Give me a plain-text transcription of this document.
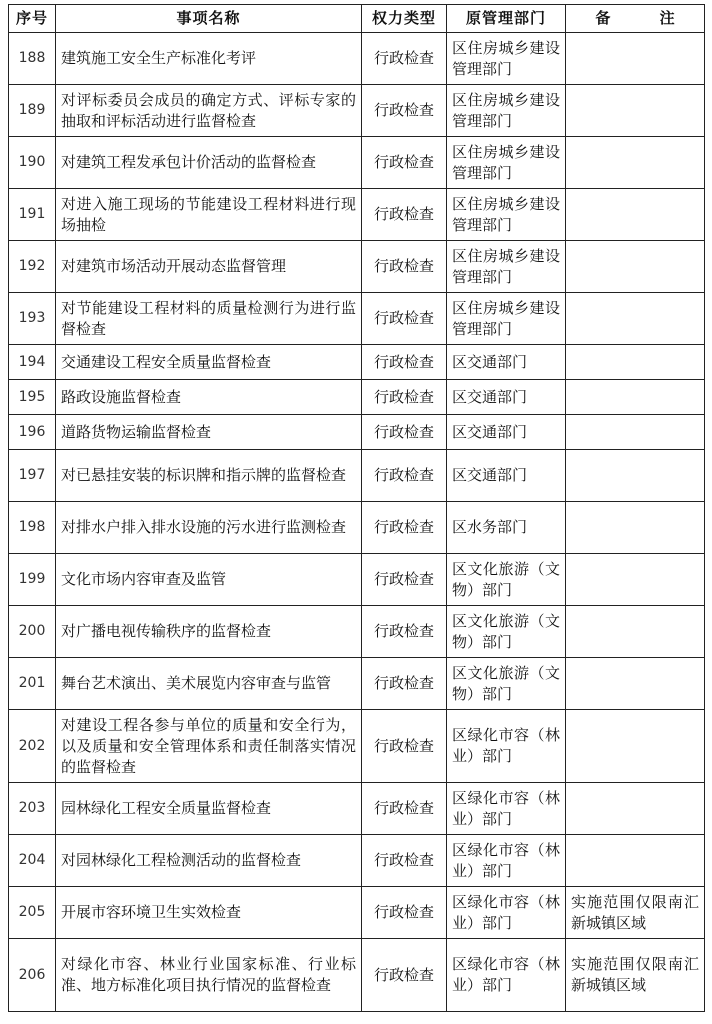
序号	事项名称	权力类型	原管理部门	备 注
188	建筑施工安全生产标准化考评	行政检查	区住房城乡建设管理部门	
189	对评标委员会成员的确定方式、评标专家的抽取和评标活动进行监督检查	行政检查	区住房城乡建设管理部门	
190	对建筑工程发承包计价活动的监督检查	行政检查	区住房城乡建设管理部门	
191	对进入施工现场的节能建设工程材料进行现场抽检	行政检查	区住房城乡建设管理部门	
192	对建筑市场活动开展动态监督管理	行政检查	区住房城乡建设管理部门	
193	对节能建设工程材料的质量检测行为进行监督检查	行政检查	区住房城乡建设管理部门	
194	交通建设工程安全质量监督检查	行政检查	区交通部门	
195	路政设施监督检查	行政检查	区交通部门	
196	道路货物运输监督检查	行政检查	区交通部门	
197	对已悬挂安装的标识牌和指示牌的监督检查	行政检查	区交通部门	
198	对排水户排入排水设施的污水进行监测检查	行政检查	区水务部门	
199	文化市场内容审查及监管	行政检查	区文化旅游（文物）部门	
200	对广播电视传输秩序的监督检查	行政检查	区文化旅游（文物）部门	
201	舞台艺术演出、美术展览内容审查与监管	行政检查	区文化旅游（文物）部门	
202	对建设工程各参与单位的质量和安全行为，以及质量和安全管理体系和责任制落实情况的监督检查	行政检查	区绿化市容（林业）部门	
203	园林绿化工程安全质量监督检查	行政检查	区绿化市容（林业）部门	
204	对园林绿化工程检测活动的监督检查	行政检查	区绿化市容（林业）部门	
205	开展市容环境卫生实效检查	行政检查	区绿化市容（林业）部门	实施范围仅限南汇新城镇区域
206	对绿化市容、林业行业国家标准、行业标准、地方标准化项目执行情况的监督检查	行政检查	区绿化市容（林业）部门	实施范围仅限南汇新城镇区域
